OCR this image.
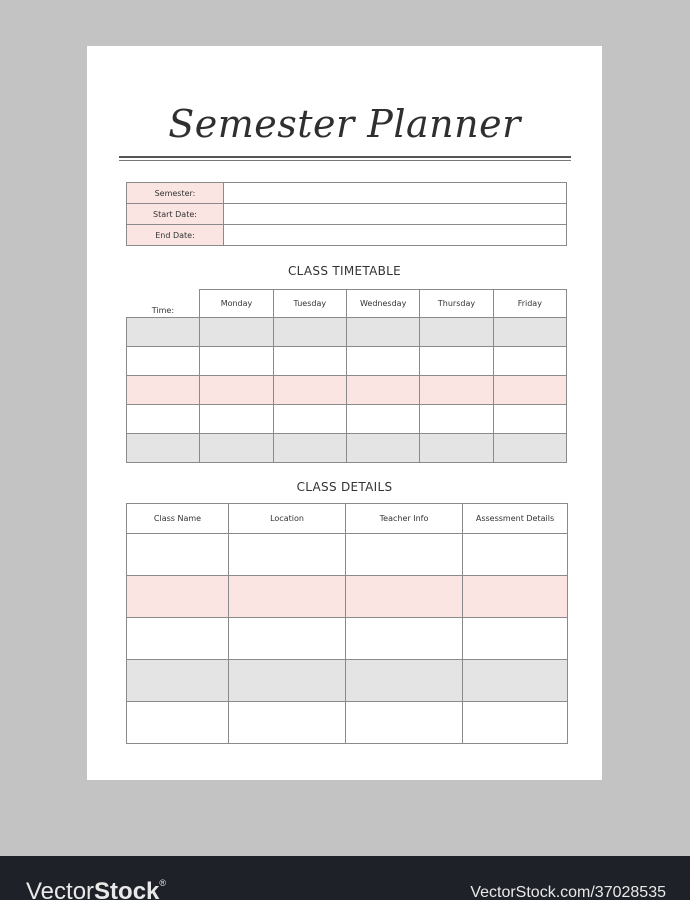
Semester Planner
Semester:	
Start Date:	
End Date:	
CLASS TIMETABLE
Time:	Monday	Tuesday	Wednesday	Thursday	Friday

CLASS DETAILS
Class Name	Location	Teacher Info	Assessment Details

VectorStock®
VectorStock.com/37028535
